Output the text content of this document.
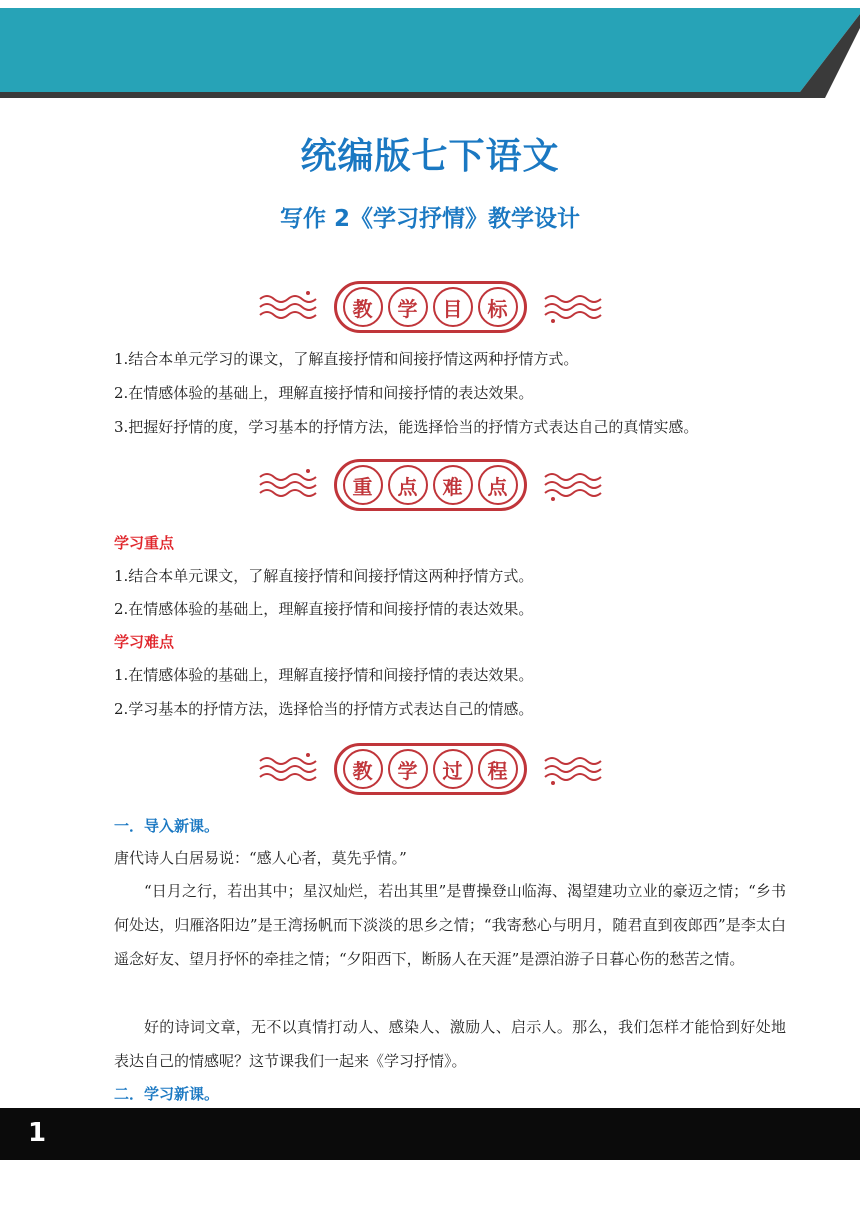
统编版七下语文
写作 2《学习抒情》教学设计
教	学	目	标
1.结合本单元学习的课文，了解直接抒情和间接抒情这两种抒情方式。
2.在情感体验的基础上，理解直接抒情和间接抒情的表达效果。
3.把握好抒情的度，学习基本的抒情方法，能选择恰当的抒情方式表达自己的真情实感。
重	点	难	点
学习重点
1.结合本单元课文，了解直接抒情和间接抒情这两种抒情方式。
2.在情感体验的基础上，理解直接抒情和间接抒情的表达效果。
学习难点
1.在情感体验的基础上，理解直接抒情和间接抒情的表达效果。
2.学习基本的抒情方法，选择恰当的抒情方式表达自己的情感。
教	学	过	程
一．导入新课。
唐代诗人白居易说：“感人心者，莫先乎情。”
“日月之行，若出其中；星汉灿烂，若出其里”是曹操登山临海、渴望建功立业的豪迈之情；“乡书何处达，归雁洛阳边”是王湾扬帆而下淡淡的思乡之情；“我寄愁心与明月，随君直到夜郎西”是李太白遥念好友、望月抒怀的牵挂之情；“夕阳西下，断肠人在天涯”是漂泊游子日暮心伤的愁苦之情。
好的诗词文章，无不以真情打动人、感染人、激励人、启示人。那么，我们怎样才能恰到好处地表达自己的情感呢？这节课我们一起来《学习抒情》。
二．学习新课。
1
